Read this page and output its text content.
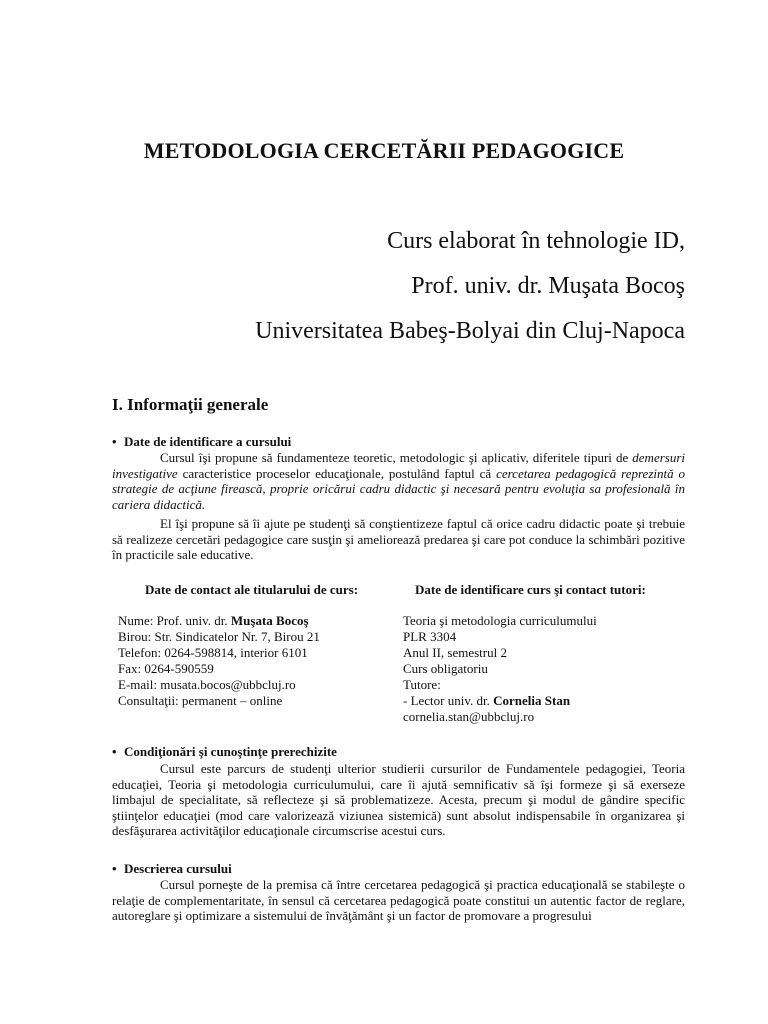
METODOLOGIA CERCETĂRII PEDAGOGICE
Curs elaborat în tehnologie ID,
Prof. univ. dr. Muşata Bocoş
Universitatea Babeş-Bolyai din Cluj-Napoca
I. Informaţii generale
• Date de identificare a cursului

Cursul îşi propune să fundamenteze teoretic, metodologic şi aplicativ, diferitele tipuri de demersuri investigative caracteristice proceselor educaţionale, postulând faptul că cercetarea pedagogică reprezintă o strategie de acţiune firească, proprie oricărui cadru didactic şi necesară pentru evoluţia sa profesională în cariera didactică.

El îşi propune să îi ajute pe studenţi să conştientizeze faptul că orice cadru didactic poate şi trebuie să realizeze cercetări pedagogice care susţin şi ameliorează predarea şi care pot conduce la schimbări pozitive în practicile sale educative.

Date de contact ale titularului de curs:	Date de identificare curs şi contact tutori:
Nume: Prof. univ. dr. Muşata Bocoş
Birou: Str. Sindicatelor Nr. 7, Birou 21
Telefon: 0264-598814, interior 6101
Fax: 0264-590559
E-mail: musata.bocos@ubbcluj.ro
Consultaţii: permanent – online
Teoria şi metodologia curriculumului
PLR 3304
Anul II, semestrul 2
Curs obligatoriu
Tutore:
- Lector univ. dr. Cornelia Stan
cornelia.stan@ubbcluj.ro
• Condiţionări şi cunoştinţe prerechizite

Cursul este parcurs de studenţi ulterior studierii cursurilor de Fundamentele pedagogiei, Teoria educaţiei, Teoria şi metodologia curriculumului, care îi ajută semnificativ să îşi formeze şi să exerseze limbajul de specialitate, să reflecteze şi să problematizeze. Acesta, precum şi modul de gândire specific ştiinţelor educaţiei (mod care valorizează viziunea sistemică) sunt absolut indispensabile în organizarea şi desfăşurarea activităţilor educaţionale circumscrise acestui curs.

• Descrierea cursului

Cursul porneşte de la premisa că între cercetarea pedagogică şi practica educaţională se stabileşte o relaţie de complementaritate, în sensul că cercetarea pedagogică poate constitui un autentic factor de reglare, autoreglare şi optimizare a sistemului de învăţământ şi un factor de promovare a progresului
